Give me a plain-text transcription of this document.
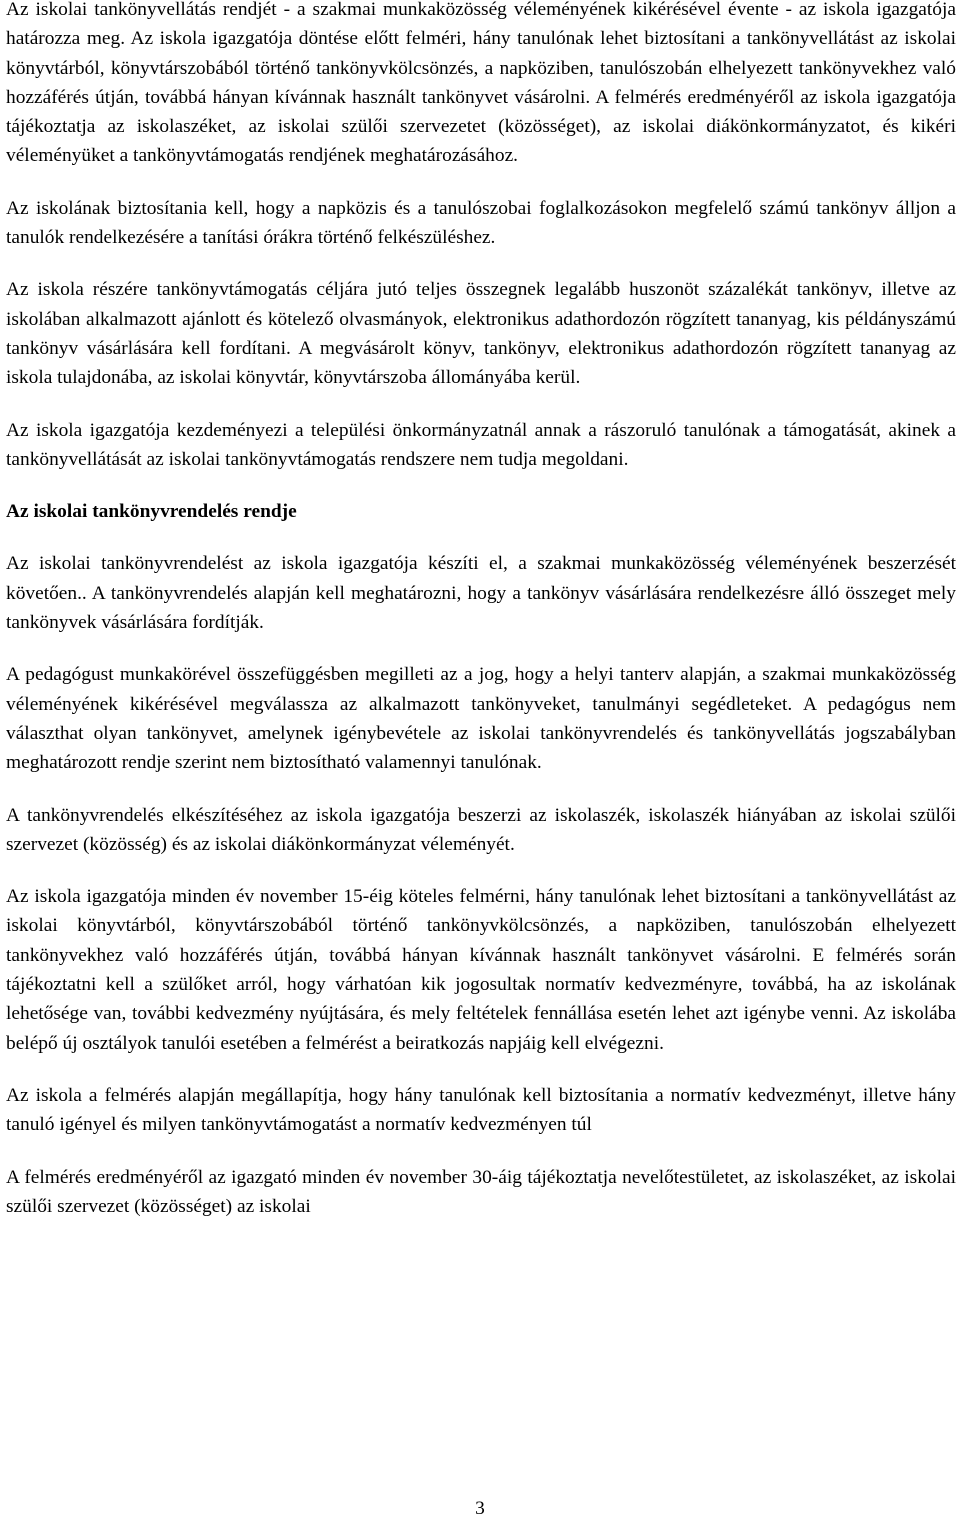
Az iskolai tankönyvellátás rendjét - a szakmai munkaközösség véleményének kikérésével évente - az iskola igazgatója határozza meg. Az iskola igazgatója döntése előtt felméri, hány tanulónak lehet biztosítani a tankönyvellátást az iskolai könyvtárból, könyvtárszobából történő tankönyvkölcsönzés, a napköziben, tanulószobán elhelyezett tankönyvekhez való hozzáférés útján, továbbá hányan kívánnak használt tankönyvet vásárolni. A felmérés eredményéről az iskola igazgatója tájékoztatja az iskolaszéket, az iskolai szülői szervezetet (közösséget), az iskolai diákönkormányzatot, és kikéri véleményüket a tankönyvtámogatás rendjének meghatározásához.

Az iskolának biztosítania kell, hogy a napközis és a tanulószobai foglalkozásokon megfelelő számú tankönyv álljon a tanulók rendelkezésére a tanítási órákra történő felkészüléshez.

Az iskola részére tankönyvtámogatás céljára jutó teljes összegnek legalább huszonöt százalékát tankönyv, illetve az iskolában alkalmazott ajánlott és kötelező olvasmányok, elektronikus adathordozón rögzített tananyag, kis példányszámú tankönyv vásárlására kell fordítani. A megvásárolt könyv, tankönyv, elektronikus adathordozón rögzített tananyag az iskola tulajdonába, az iskolai könyvtár, könyvtárszoba állományába kerül.

Az iskola igazgatója kezdeményezi a települési önkormányzatnál annak a rászoruló tanulónak a támogatását, akinek a tankönyvellátását az iskolai tankönyvtámogatás rendszere nem tudja megoldani.

Az iskolai tankönyvrendelés rendje

Az iskolai tankönyvrendelést az iskola igazgatója készíti el, a szakmai munkaközösség véleményének beszerzését követően.. A tankönyvrendelés alapján kell meghatározni, hogy a tankönyv vásárlására rendelkezésre álló összeget mely tankönyvek vásárlására fordítják.

A pedagógust munkakörével összefüggésben megilleti az a jog, hogy a helyi tanterv alapján, a szakmai munkaközösség véleményének kikérésével megválassza az alkalmazott tankönyveket, tanulmányi segédleteket. A pedagógus nem választhat olyan tankönyvet, amelynek igénybevétele az iskolai tankönyvrendelés és tankönyvellátás jogszabályban meghatározott rendje szerint nem biztosítható valamennyi tanulónak.

A tankönyvrendelés elkészítéséhez az iskola igazgatója beszerzi az iskolaszék, iskolaszék hiányában az iskolai szülői szervezet (közösség) és az iskolai diákönkormányzat véleményét.

Az iskola igazgatója minden év november 15-éig köteles felmérni, hány tanulónak lehet biztosítani a tankönyvellátást az iskolai könyvtárból, könyvtárszobából történő tankönyvkölcsönzés, a napköziben, tanulószobán elhelyezett tankönyvekhez való hozzáférés útján, továbbá hányan kívánnak használt tankönyvet vásárolni. E felmérés során tájékoztatni kell a szülőket arról, hogy várhatóan kik jogosultak normatív kedvezményre, továbbá, ha az iskolának lehetősége van, további kedvezmény nyújtására, és mely feltételek fennállása esetén lehet azt igénybe venni. Az iskolába belépő új osztályok tanulói esetében a felmérést a beiratkozás napjáig kell elvégezni.

Az iskola a felmérés alapján megállapítja, hogy hány tanulónak kell biztosítania a normatív kedvezményt, illetve hány tanuló igényel és milyen tankönyvtámogatást a normatív kedvezményen túl

A felmérés eredményéről az igazgató minden év november 30-áig tájékoztatja nevelőtestületet, az iskolaszéket, az iskolai szülői szervezet (közösséget) az iskolai

3
